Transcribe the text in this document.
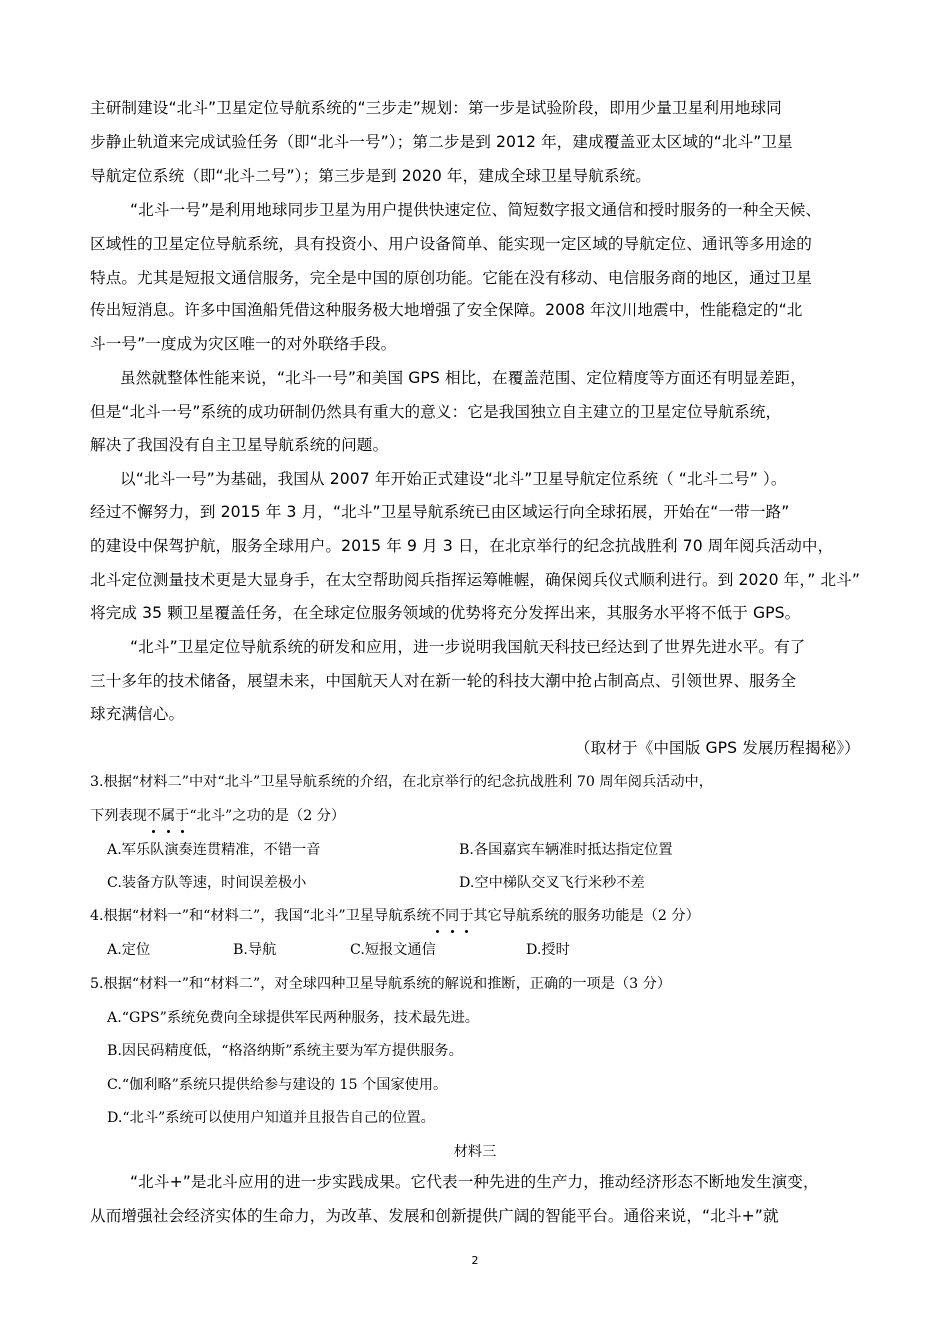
主研制建设“北斗”卫星定位导航系统的“三步走”规划：第一步是试验阶段，即用少量卫星利用地球同
步静止轨道来完成试验任务（即“北斗一号”）；第二步是到 2012 年，建成覆盖亚太区域的“北斗”卫星
导航定位系统（即“北斗二号”）；第三步是到 2020 年，建成全球卫星导航系统。
“北斗一号”是利用地球同步卫星为用户提供快速定位、简短数字报文通信和授时服务的一种全天候、
区域性的卫星定位导航系统，具有投资小、用户设备简单、能实现一定区域的导航定位、通讯等多用途的
特点。尤其是短报文通信服务，完全是中国的原创功能。它能在没有移动、电信服务商的地区，通过卫星
传出短消息。许多中国渔船凭借这种服务极大地增强了安全保障。2008 年汶川地震中，性能稳定的“北
斗一号”一度成为灾区唯一的对外联络手段。
虽然就整体性能来说，“北斗一号”和美国 GPS 相比，在覆盖范围、定位精度等方面还有明显差距，
但是“北斗一号”系统的成功研制仍然具有重大的意义：它是我国独立自主建立的卫星定位导航系统，
解决了我国没有自主卫星导航系统的问题。
以“北斗一号”为基础，我国从 2007 年开始正式建设“北斗”卫星导航定位系统（ “北斗二号” ）。
经过不懈努力，到 2015 年 3 月，“北斗”卫星导航系统已由区域运行向全球拓展，开始在“一带一路”
的建设中保驾护航，服务全球用户。2015 年 9 月 3 日，在北京举行的纪念抗战胜利 70 周年阅兵活动中，
北斗定位测量技术更是大显身手，在太空帮助阅兵指挥运筹帷幄，确保阅兵仪式顺利进行。到 2020 年，” 北斗”
将完成 35 颗卫星覆盖任务，在全球定位服务领域的优势将充分发挥出来，其服务水平将不低于 GPS。
“北斗”卫星定位导航系统的研发和应用，进一步说明我国航天科技已经达到了世界先进水平。有了
三十多年的技术储备，展望未来，中国航天人对在新一轮的科技大潮中抢占制高点、引领世界、服务全
球充满信心。
（取材于《中国版 GPS 发展历程揭秘》）
3.根据“材料二”中对“北斗”卫星导航系统的介绍，在北京举行的纪念抗战胜利 70 周年阅兵活动中，
下列表现不属于“北斗”之功的是（2 分）
A.军乐队演奏连贯精准，不错一音	B.各国嘉宾车辆准时抵达指定位置
C.装备方队等速，时间误差极小	D.空中梯队交叉飞行米秒不差
4.根据“材料一”和“材料二”，我国“北斗”卫星导航系统不同于其它导航系统的服务功能是（2 分）
A.定位	B.导航	C.短报文通信	D.授时
5.根据“材料一”和“材料二”，对全球四种卫星导航系统的解说和推断，正确的一项是（3 分）
A.“GPS”系统免费向全球提供军民两种服务，技术最先进。
B.因民码精度低，“格洛纳斯”系统主要为军方提供服务。
C.“伽利略”系统只提供给参与建设的 15 个国家使用。
D.“北斗”系统可以使用户知道并且报告自己的位置。
材料三
“北斗+”是北斗应用的进一步实践成果。它代表一种先进的生产力，推动经济形态不断地发生演变，
从而增强社会经济实体的生命力，为改革、发展和创新提供广阔的智能平台。通俗来说，“北斗+”就
2
